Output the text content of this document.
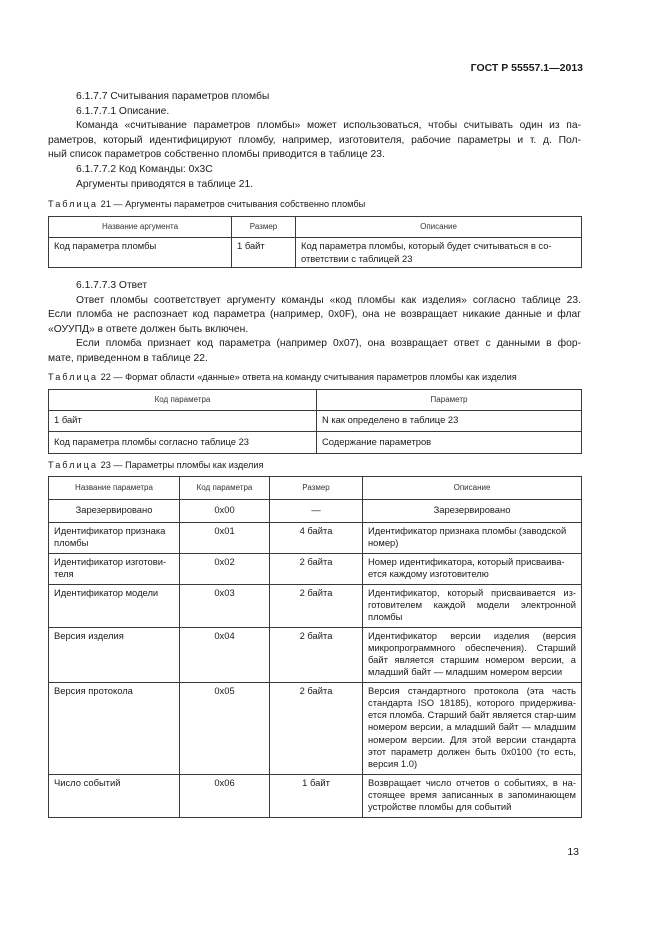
ГОСТ Р 55557.1—2013
6.1.7.7 Считывания параметров пломбы
6.1.7.7.1 Описание.
Команда «считывание параметров пломбы» может использоваться, чтобы считывать один из па-
раметров, который идентифицируют пломбу, например, изготовителя, рабочие параметры и т. д. Пол-
ный список параметров собственно пломбы приводится в таблице 23.
6.1.7.7.2 Код Команды: 0x3C
Аргументы приводятся в таблице 21.
Таблица 21 — Аргументы параметров считывания собственно пломбы
Название аргумента	Размер	Описание
Код параметра пломбы	1 байт	Код параметра пломбы, который будет считываться в со-ответствии с таблицей 23
6.1.7.7.3 Ответ
Ответ пломбы соответствует аргументу команды «код пломбы как изделия» согласно таблице 23.
Если пломба не распознает код параметра (например, 0x0F), она не возвращает никакие данные и флаг
«ОУУПД» в ответе должен быть включен.
Если пломба признает код параметра (например 0x07), она возвращает ответ с данными в фор-
мате, приведенном в таблице 22.
Таблица 22 — Формат области «данные» ответа на команду считывания параметров пломбы как изделия
Код параметра	Параметр
1 байт	N как определено в таблице 23
Код параметра пломбы согласно таблице 23	Содержание параметров
Таблица 23 — Параметры пломбы как изделия
Название параметра	Код параметра	Размер	Описание
Зарезервировано	0x00	—	Зарезервировано
Идентификатор признака пломбы	0x01	4 байта	Идентификатор признака пломбы (заводской номер)
Идентификатор изготови-теля	0x02	2 байта	Номер идентификатора, который присваива-ется каждому изготовителю
Идентификатор модели	0x03	2 байта	Идентификатор, который присваивается из-готовителем каждой модели электронной пломбы
Версия изделия	0x04	2 байта	Идентификатор версии изделия (версия микропрограммного обеспечения). Старший байт является старшим номером версии, а младший байт — младшим номером версии
Версия протокола	0x05	2 байта	Версия стандартного протокола (эта часть стандарта ISO 18185), которого придержива-ется пломба. Старший байт является стар-шим номером версии, а младший байт — младшим номером версии. Для этой версии стандарта этот параметр должен быть 0x0100 (то есть, версия 1.0)
Число событий	0x06	1 байт	Возвращает число отчетов о событиях, в на-стоящее время записанных в запоминающем устройстве пломбы для событий
13
